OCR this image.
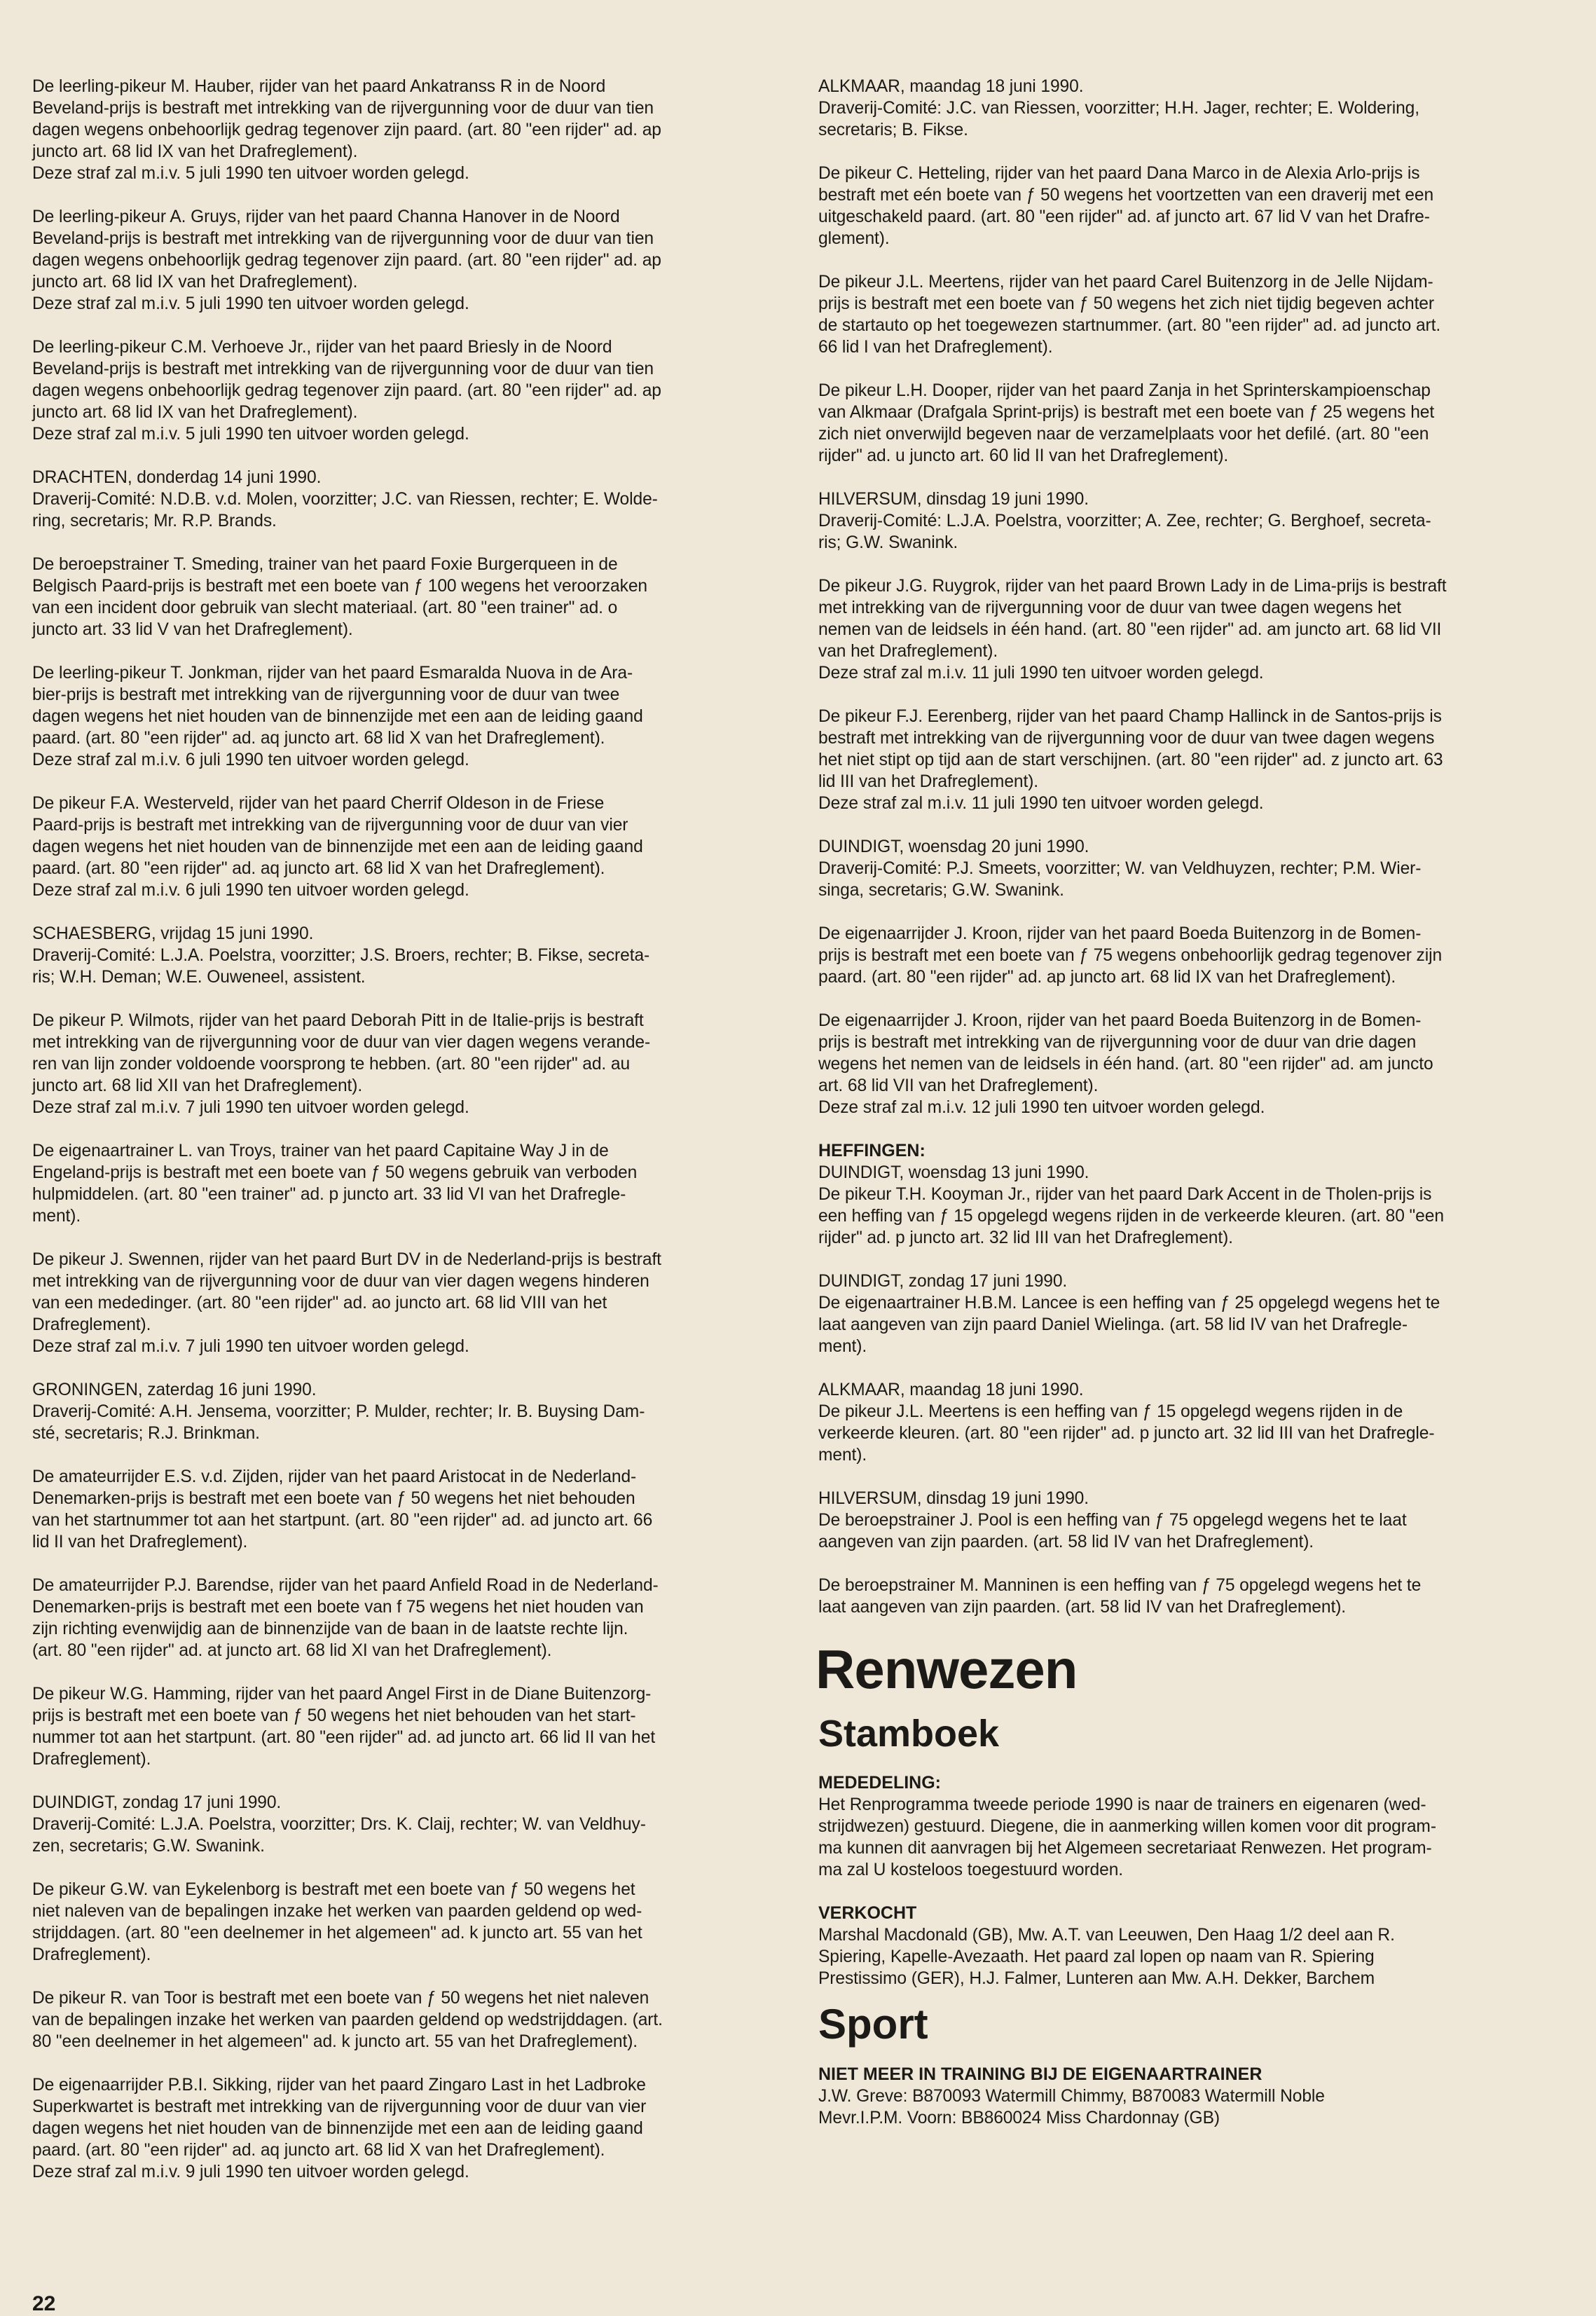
De leerling-pikeur M. Hauber, rijder van het paard Ankatranss R in de Noord
Beveland-prijs is bestraft met intrekking van de rijvergunning voor de duur van tien
dagen wegens onbehoorlijk gedrag tegenover zijn paard. (art. 80 "een rijder" ad. ap
juncto art. 68 lid IX van het Drafreglement).
Deze straf zal m.i.v. 5 juli 1990 ten uitvoer worden gelegd.

De leerling-pikeur A. Gruys, rijder van het paard Channa Hanover in de Noord
Beveland-prijs is bestraft met intrekking van de rijvergunning voor de duur van tien
dagen wegens onbehoorlijk gedrag tegenover zijn paard. (art. 80 "een rijder" ad. ap
juncto art. 68 lid IX van het Drafreglement).
Deze straf zal m.i.v. 5 juli 1990 ten uitvoer worden gelegd.

De leerling-pikeur C.M. Verhoeve Jr., rijder van het paard Briesly in de Noord
Beveland-prijs is bestraft met intrekking van de rijvergunning voor de duur van tien
dagen wegens onbehoorlijk gedrag tegenover zijn paard. (art. 80 "een rijder" ad. ap
juncto art. 68 lid IX van het Drafreglement).
Deze straf zal m.i.v. 5 juli 1990 ten uitvoer worden gelegd.

DRACHTEN, donderdag 14 juni 1990.
Draverij-Comité: N.D.B. v.d. Molen, voorzitter; J.C. van Riessen, rechter; E. Wolde-
ring, secretaris; Mr. R.P. Brands.

De beroepstrainer T. Smeding, trainer van het paard Foxie Burgerqueen in de
Belgisch Paard-prijs is bestraft met een boete van ƒ 100 wegens het veroorzaken
van een incident door gebruik van slecht materiaal. (art. 80 "een trainer" ad. o
juncto art. 33 lid V van het Drafreglement).

De leerling-pikeur T. Jonkman, rijder van het paard Esmaralda Nuova in de Ara-
bier-prijs is bestraft met intrekking van de rijvergunning voor de duur van twee
dagen wegens het niet houden van de binnenzijde met een aan de leiding gaand
paard. (art. 80 "een rijder" ad. aq juncto art. 68 lid X van het Drafreglement).
Deze straf zal m.i.v. 6 juli 1990 ten uitvoer worden gelegd.

De pikeur F.A. Westerveld, rijder van het paard Cherrif Oldeson in de Friese
Paard-prijs is bestraft met intrekking van de rijvergunning voor de duur van vier
dagen wegens het niet houden van de binnenzijde met een aan de leiding gaand
paard. (art. 80 "een rijder" ad. aq juncto art. 68 lid X van het Drafreglement).
Deze straf zal m.i.v. 6 juli 1990 ten uitvoer worden gelegd.

SCHAESBERG, vrijdag 15 juni 1990.
Draverij-Comité: L.J.A. Poelstra, voorzitter; J.S. Broers, rechter; B. Fikse, secreta-
ris; W.H. Deman; W.E. Ouweneel, assistent.

De pikeur P. Wilmots, rijder van het paard Deborah Pitt in de Italie-prijs is bestraft
met intrekking van de rijvergunning voor de duur van vier dagen wegens verande-
ren van lijn zonder voldoende voorsprong te hebben. (art. 80 "een rijder" ad. au
juncto art. 68 lid XII van het Drafreglement).
Deze straf zal m.i.v. 7 juli 1990 ten uitvoer worden gelegd.

De eigenaartrainer L. van Troys, trainer van het paard Capitaine Way J in de
Engeland-prijs is bestraft met een boete van ƒ 50 wegens gebruik van verboden
hulpmiddelen. (art. 80 "een trainer" ad. p juncto art. 33 lid VI van het Drafregle-
ment).

De pikeur J. Swennen, rijder van het paard Burt DV in de Nederland-prijs is bestraft
met intrekking van de rijvergunning voor de duur van vier dagen wegens hinderen
van een mededinger. (art. 80 "een rijder" ad. ao juncto art. 68 lid VIII van het
Drafreglement).
Deze straf zal m.i.v. 7 juli 1990 ten uitvoer worden gelegd.

GRONINGEN, zaterdag 16 juni 1990.
Draverij-Comité: A.H. Jensema, voorzitter; P. Mulder, rechter; Ir. B. Buysing Dam-
sté, secretaris; R.J. Brinkman.

De amateurrijder E.S. v.d. Zijden, rijder van het paard Aristocat in de Nederland-
Denemarken-prijs is bestraft met een boete van ƒ 50 wegens het niet behouden
van het startnummer tot aan het startpunt. (art. 80 "een rijder" ad. ad juncto art. 66
lid II van het Drafreglement).

De amateurrijder P.J. Barendse, rijder van het paard Anfield Road in de Nederland-
Denemarken-prijs is bestraft met een boete van f 75 wegens het niet houden van
zijn richting evenwijdig aan de binnenzijde van de baan in de laatste rechte lijn.
(art. 80 "een rijder" ad. at juncto art. 68 lid XI van het Drafreglement).

De pikeur W.G. Hamming, rijder van het paard Angel First in de Diane Buitenzorg-
prijs is bestraft met een boete van ƒ 50 wegens het niet behouden van het start-
nummer tot aan het startpunt. (art. 80 "een rijder" ad. ad juncto art. 66 lid II van het
Drafreglement).

DUINDIGT, zondag 17 juni 1990.
Draverij-Comité: L.J.A. Poelstra, voorzitter; Drs. K. Claij, rechter; W. van Veldhuy-
zen, secretaris; G.W. Swanink.

De pikeur G.W. van Eykelenborg is bestraft met een boete van ƒ 50 wegens het
niet naleven van de bepalingen inzake het werken van paarden geldend op wed-
strijddagen. (art. 80 "een deelnemer in het algemeen" ad. k juncto art. 55 van het
Drafreglement).

De pikeur R. van Toor is bestraft met een boete van ƒ 50 wegens het niet naleven
van de bepalingen inzake het werken van paarden geldend op wedstrijddagen. (art.
80 "een deelnemer in het algemeen" ad. k juncto art. 55 van het Drafreglement).

De eigenaarrijder P.B.I. Sikking, rijder van het paard Zingaro Last in het Ladbroke
Superkwartet is bestraft met intrekking van de rijvergunning voor de duur van vier
dagen wegens het niet houden van de binnenzijde met een aan de leiding gaand
paard. (art. 80 "een rijder" ad. aq juncto art. 68 lid X van het Drafreglement).
Deze straf zal m.i.v. 9 juli 1990 ten uitvoer worden gelegd.

ALKMAAR, maandag 18 juni 1990.
Draverij-Comité: J.C. van Riessen, voorzitter; H.H. Jager, rechter; E. Woldering,
secretaris; B. Fikse.

De pikeur C. Hetteling, rijder van het paard Dana Marco in de Alexia Arlo-prijs is
bestraft met eén boete van ƒ 50 wegens het voortzetten van een draverij met een
uitgeschakeld paard. (art. 80 "een rijder" ad. af juncto art. 67 lid V van het Drafre-
glement).

De pikeur J.L. Meertens, rijder van het paard Carel Buitenzorg in de Jelle Nijdam-
prijs is bestraft met een boete van ƒ 50 wegens het zich niet tijdig begeven achter
de startauto op het toegewezen startnummer. (art. 80 "een rijder" ad. ad juncto art.
66 lid I van het Drafreglement).

De pikeur L.H. Dooper, rijder van het paard Zanja in het Sprinterskampioenschap
van Alkmaar (Drafgala Sprint-prijs) is bestraft met een boete van ƒ 25 wegens het
zich niet onverwijld begeven naar de verzamelplaats voor het defilé. (art. 80 "een
rijder" ad. u juncto art. 60 lid II van het Drafreglement).

HILVERSUM, dinsdag 19 juni 1990.
Draverij-Comité: L.J.A. Poelstra, voorzitter; A. Zee, rechter; G. Berghoef, secreta-
ris; G.W. Swanink.

De pikeur J.G. Ruygrok, rijder van het paard Brown Lady in de Lima-prijs is bestraft
met intrekking van de rijvergunning voor de duur van twee dagen wegens het
nemen van de leidsels in één hand. (art. 80 "een rijder" ad. am juncto art. 68 lid VII
van het Drafreglement).
Deze straf zal m.i.v. 11 juli 1990 ten uitvoer worden gelegd.

De pikeur F.J. Eerenberg, rijder van het paard Champ Hallinck in de Santos-prijs is
bestraft met intrekking van de rijvergunning voor de duur van twee dagen wegens
het niet stipt op tijd aan de start verschijnen. (art. 80 "een rijder" ad. z juncto art. 63
lid III van het Drafreglement).
Deze straf zal m.i.v. 11 juli 1990 ten uitvoer worden gelegd.

DUINDIGT, woensdag 20 juni 1990.
Draverij-Comité: P.J. Smeets, voorzitter; W. van Veldhuyzen, rechter; P.M. Wier-
singa, secretaris; G.W. Swanink.

De eigenaarrijder J. Kroon, rijder van het paard Boeda Buitenzorg in de Bomen-
prijs is bestraft met een boete van ƒ 75 wegens onbehoorlijk gedrag tegenover zijn
paard. (art. 80 "een rijder" ad. ap juncto art. 68 lid IX van het Drafreglement).

De eigenaarrijder J. Kroon, rijder van het paard Boeda Buitenzorg in de Bomen-
prijs is bestraft met intrekking van de rijvergunning voor de duur van drie dagen
wegens het nemen van de leidsels in één hand. (art. 80 "een rijder" ad. am juncto
art. 68 lid VII van het Drafreglement).
Deze straf zal m.i.v. 12 juli 1990 ten uitvoer worden gelegd.

HEFFINGEN:

DUINDIGT, woensdag 13 juni 1990.
De pikeur T.H. Kooyman Jr., rijder van het paard Dark Accent in de Tholen-prijs is
een heffing van ƒ 15 opgelegd wegens rijden in de verkeerde kleuren. (art. 80 "een
rijder" ad. p juncto art. 32 lid III van het Drafreglement).

DUINDIGT, zondag 17 juni 1990.
De eigenaartrainer H.B.M. Lancee is een heffing van ƒ 25 opgelegd wegens het te
laat aangeven van zijn paard Daniel Wielinga. (art. 58 lid IV van het Drafregle-
ment).

ALKMAAR, maandag 18 juni 1990.
De pikeur J.L. Meertens is een heffing van ƒ 15 opgelegd wegens rijden in de
verkeerde kleuren. (art. 80 "een rijder" ad. p juncto art. 32 lid III van het Drafregle-
ment).

HILVERSUM, dinsdag 19 juni 1990.
De beroepstrainer J. Pool is een heffing van ƒ 75 opgelegd wegens het te laat
aangeven van zijn paarden. (art. 58 lid IV van het Drafreglement).

De beroepstrainer M. Manninen is een heffing van ƒ 75 opgelegd wegens het te
laat aangeven van zijn paarden. (art. 58 lid IV van het Drafreglement).

Renwezen
Stamboek

MEDEDELING:

Het Renprogramma tweede periode 1990 is naar de trainers en eigenaren (wed-
strijdwezen) gestuurd. Diegene, die in aanmerking willen komen voor dit program-
ma kunnen dit aanvragen bij het Algemeen secretariaat Renwezen. Het program-
ma zal U kosteloos toegestuurd worden.

VERKOCHT

Marshal Macdonald (GB), Mw. A.T. van Leeuwen, Den Haag 1/2 deel aan R.
Spiering, Kapelle-Avezaath. Het paard zal lopen op naam van R. Spiering
Prestissimo (GER), H.J. Falmer, Lunteren aan Mw. A.H. Dekker, Barchem

Sport

NIET MEER IN TRAINING BIJ DE EIGENAARTRAINER

J.W. Greve: B870093 Watermill Chimmy, B870083 Watermill Noble
Mevr.I.P.M. Voorn: BB860024 Miss Chardonnay (GB)

22
